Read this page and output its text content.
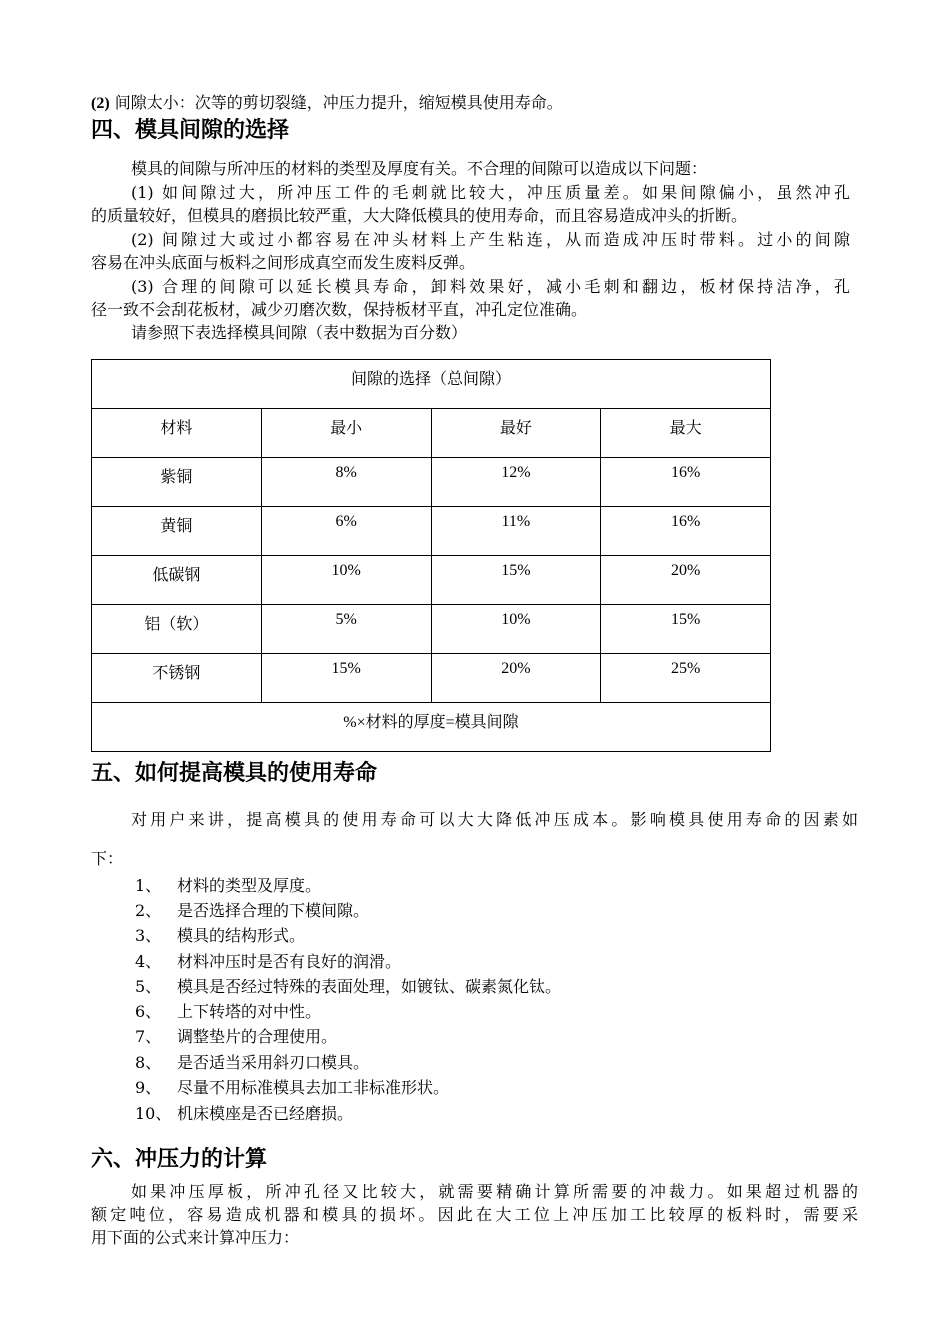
(2) 间隙太小：次等的剪切裂缝，冲压力提升，缩短模具使用寿命。
四、模具间隙的选择
模具的间隙与所冲压的材料的类型及厚度有关。不合理的间隙可以造成以下问题：
(1) 如间隙过大，所冲压工件的毛刺就比较大，冲压质量差。如果间隙偏小，虽然冲孔
的质量较好，但模具的磨损比较严重，大大降低模具的使用寿命，而且容易造成冲头的折断。
(2) 间隙过大或过小都容易在冲头材料上产生粘连，从而造成冲压时带料。过小的间隙
容易在冲头底面与板料之间形成真空而发生废料反弹。
(3) 合理的间隙可以延长模具寿命，卸料效果好，减小毛刺和翻边，板材保持洁净，孔
径一致不会刮花板材，减少刃磨次数，保持板材平直，冲孔定位准确。
请参照下表选择模具间隙（表中数据为百分数）
间隙的选择（总间隙）			
材料	最小	最好	最大
紫铜	8%	12%	16%
黄铜	6%	11%	16%
低碳钢	10%	15%	20%
铝（软）	5%	10%	15%
不锈钢	15%	20%	25%
%×材料的厚度=模具间隙			
五、如何提高模具的使用寿命
对用户来讲，提高模具的使用寿命可以大大降低冲压成本。影响模具使用寿命的因素如
下：
1、 材料的类型及厚度。
2、 是否选择合理的下模间隙。
3、 模具的结构形式。
4、 材料冲压时是否有良好的润滑。
5、 模具是否经过特殊的表面处理，如镀钛、碳素氮化钛。
6、 上下转塔的对中性。
7、 调整垫片的合理使用。
8、 是否适当采用斜刃口模具。
9、 尽量不用标准模具去加工非标准形状。
10、 机床模座是否已经磨损。
六、冲压力的计算
如果冲压厚板，所冲孔径又比较大，就需要精确计算所需要的冲裁力。如果超过机器的
额定吨位，容易造成机器和模具的损坏。因此在大工位上冲压加工比较厚的板料时，需要采
用下面的公式来计算冲压力：
